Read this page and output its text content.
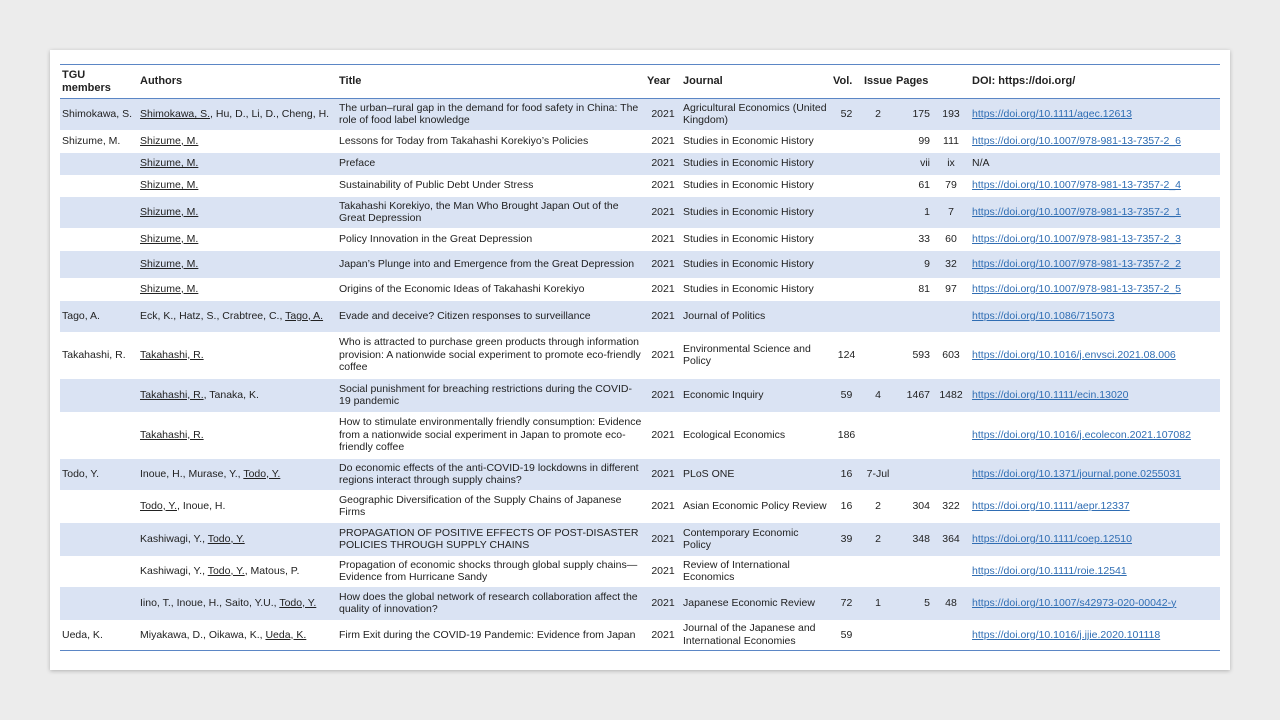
TGU members	Authors	Title	Year	Journal	Vol.	Issue	Pages		DOI: https://doi.org/
Shimokawa, S.	Shimokawa, S., Hu, D., Li, D., Cheng, H.	The urban–rural gap in the demand for food safety in China: The role of food label knowledge	2021	Agricultural Economics (United Kingdom)	52	2	175	193	https://doi.org/10.1111/agec.12613
Shizume, M.	Shizume, M.	Lessons for Today from Takahashi Korekiyo’s Policies	2021	Studies in Economic History			99	111	https://doi.org/10.1007/978-981-13-7357-2_6
	Shizume, M.	Preface	2021	Studies in Economic History			vii	ix	N/A
	Shizume, M.	Sustainability of Public Debt Under Stress	2021	Studies in Economic History			61	79	https://doi.org/10.1007/978-981-13-7357-2_4
	Shizume, M.	Takahashi Korekiyo, the Man Who Brought Japan Out of the Great Depression	2021	Studies in Economic History			1	7	https://doi.org/10.1007/978-981-13-7357-2_1
	Shizume, M.	Policy Innovation in the Great Depression	2021	Studies in Economic History			33	60	https://doi.org/10.1007/978-981-13-7357-2_3
	Shizume, M.	Japan’s Plunge into and Emergence from the Great Depression	2021	Studies in Economic History			9	32	https://doi.org/10.1007/978-981-13-7357-2_2
	Shizume, M.	Origins of the Economic Ideas of Takahashi Korekiyo	2021	Studies in Economic History			81	97	https://doi.org/10.1007/978-981-13-7357-2_5
Tago, A.	Eck, K., Hatz, S., Crabtree, C., Tago, A.	Evade and deceive? Citizen responses to surveillance	2021	Journal of Politics					https://doi.org/10.1086/715073
Takahashi, R.	Takahashi, R.	Who is attracted to purchase green products through information provision: A nationwide social experiment to promote eco-friendly coffee	2021	Environmental Science and Policy	124		593	603	https://doi.org/10.1016/j.envsci.2021.08.006
	Takahashi, R., Tanaka, K.	Social punishment for breaching restrictions during the COVID-19 pandemic	2021	Economic Inquiry	59	4	1467	1482	https://doi.org/10.1111/ecin.13020
	Takahashi, R.	How to stimulate environmentally friendly consumption: Evidence from a nationwide social experiment in Japan to promote eco-friendly coffee	2021	Ecological Economics	186				https://doi.org/10.1016/j.ecolecon.2021.107082
Todo, Y.	Inoue, H., Murase, Y., Todo, Y.	Do economic effects of the anti-COVID-19 lockdowns in different regions interact through supply chains?	2021	PLoS ONE	16	7-Jul			https://doi.org/10.1371/journal.pone.0255031
	Todo, Y., Inoue, H.	Geographic Diversification of the Supply Chains of Japanese Firms	2021	Asian Economic Policy Review	16	2	304	322	https://doi.org/10.1111/aepr.12337
	Kashiwagi, Y., Todo, Y.	PROPAGATION OF POSITIVE EFFECTS OF POST-DISASTER POLICIES THROUGH SUPPLY CHAINS	2021	Contemporary Economic Policy	39	2	348	364	https://doi.org/10.1111/coep.12510
	Kashiwagi, Y., Todo, Y., Matous, P.	Propagation of economic shocks through global supply chains—Evidence from Hurricane Sandy	2021	Review of International Economics					https://doi.org/10.1111/roie.12541
	Iino, T., Inoue, H., Saito, Y.U., Todo, Y.	How does the global network of research collaboration affect the quality of innovation?	2021	Japanese Economic Review	72	1	5	48	https://doi.org/10.1007/s42973-020-00042-y
Ueda, K.	Miyakawa, D., Oikawa, K., Ueda, K.	Firm Exit during the COVID-19 Pandemic: Evidence from Japan	2021	Journal of the Japanese and International Economies	59				https://doi.org/10.1016/j.jjie.2020.101118
